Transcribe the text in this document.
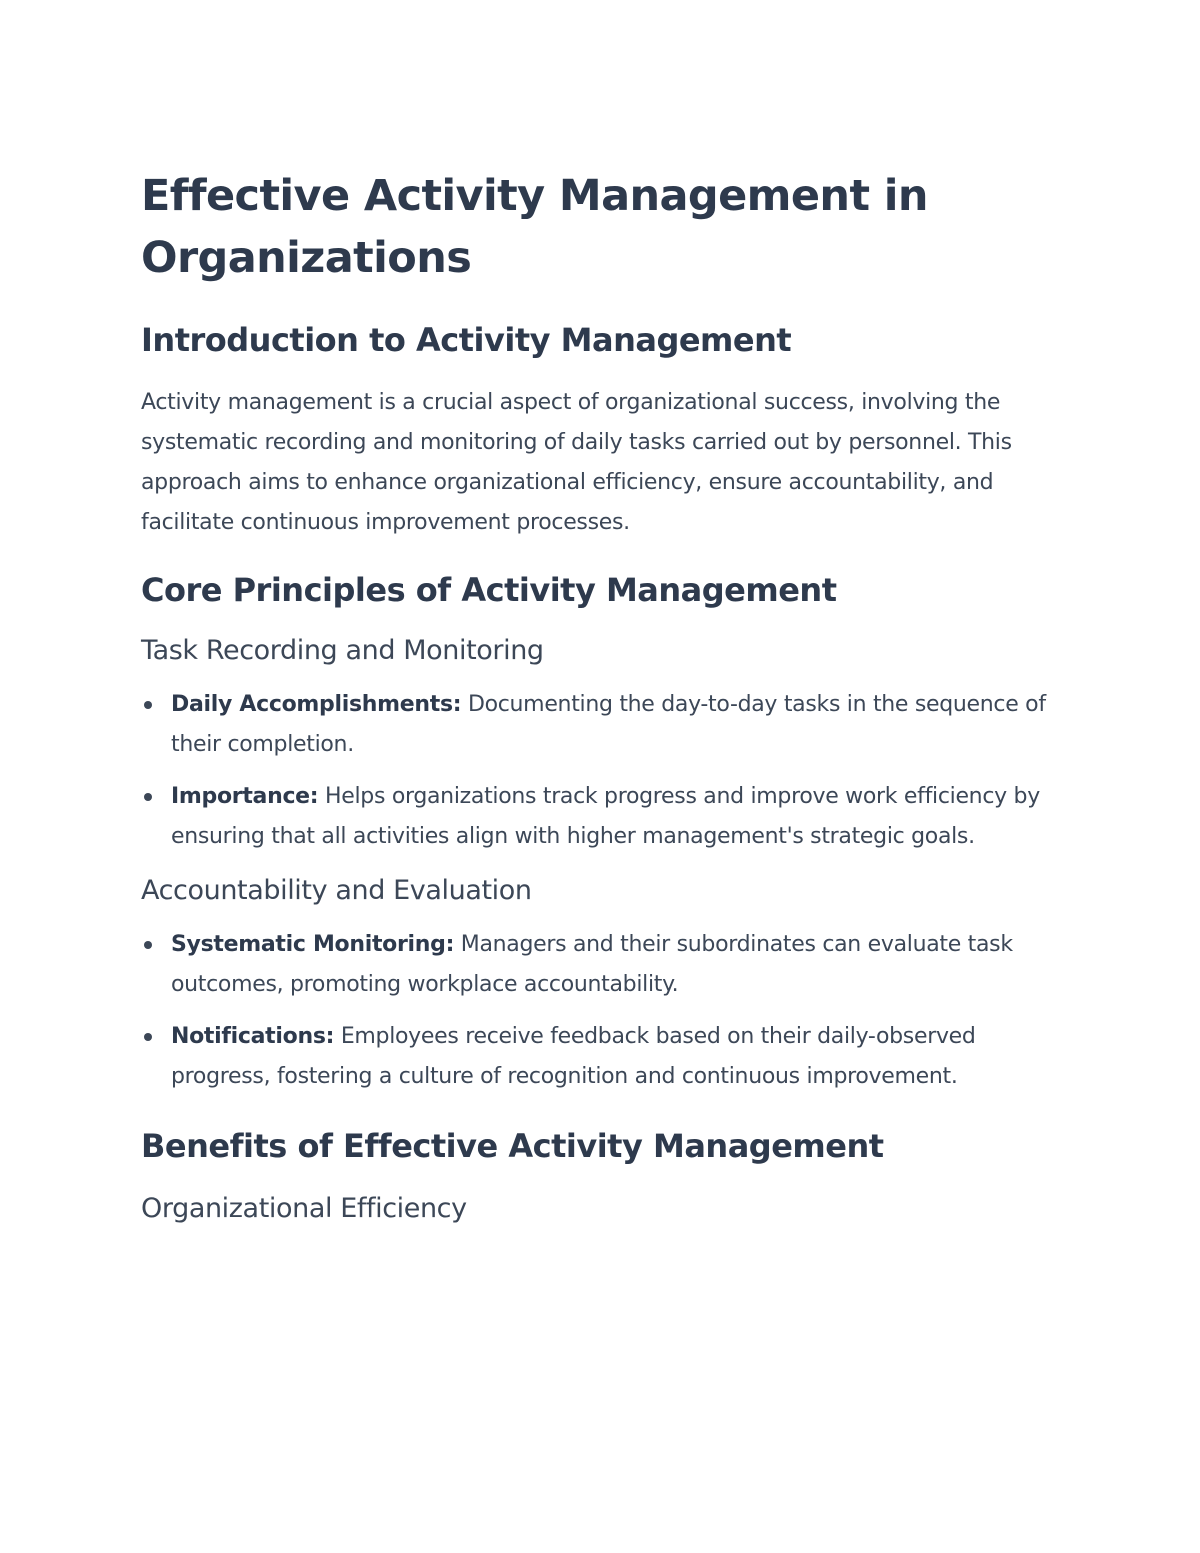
Effective Activity Management in Organizations
Introduction to Activity Management

Activity management is a crucial aspect of organizational success, involving the systematic recording and monitoring of daily tasks carried out by personnel. This approach aims to enhance organizational efficiency, ensure accountability, and facilitate continuous improvement processes.

Core Principles of Activity Management
Task Recording and Monitoring
Daily Accomplishments: Documenting the day-to-day tasks in the sequence of their completion.
Importance: Helps organizations track progress and improve work efficiency by ensuring that all activities align with higher management's strategic goals.
Accountability and Evaluation
Systematic Monitoring: Managers and their subordinates can evaluate task outcomes, promoting workplace accountability.
Notifications: Employees receive feedback based on their daily-observed progress, fostering a culture of recognition and continuous improvement.
Benefits of Effective Activity Management
Organizational Efficiency
